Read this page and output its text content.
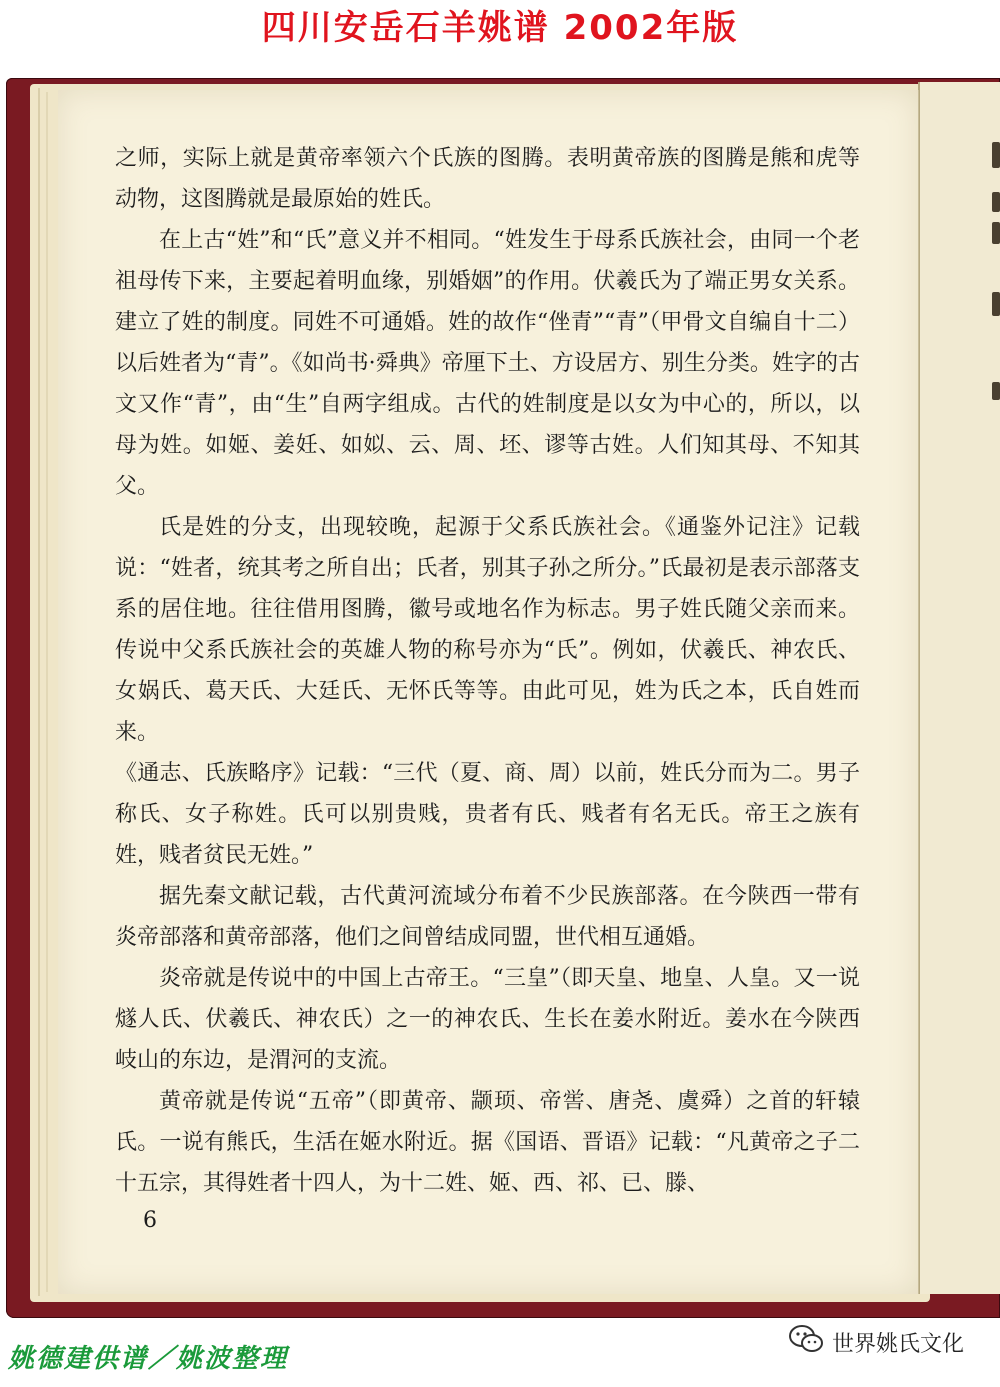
四川安岳石羊姚谱 2002年版

之师，实际上就是黄帝率领六个氏族的图腾。表明黄帝族的图腾是熊和虎等动物，这图腾就是最原始的姓氏。

在上古“姓”和“氏”意义并不相同。“姓发生于母系氏族社会，由同一个老祖母传下来，主要起着明血缘，别婚姻”的作用。伏羲氏为了端正男女关系。建立了姓的制度。同姓不可通婚。姓的故作“侳青”“青”（甲骨文自编自十二）以后姓者为“青”。《如尚书·舜典》帝厘下土、方设居方、别生分类。姓字的古文又作“青”，由“生”自两字组成。古代的姓制度是以女为中心的，所以，以母为姓。如姬、姜妊、如姒、云、周、坯、谬等古姓。人们知其母、不知其父。

氏是姓的分支，出现较晚，起源于父系氏族社会。《通鉴外记注》记载说：“姓者，统其考之所自出；氏者，别其子孙之所分。”氏最初是表示部落支系的居住地。往往借用图腾，徽号或地名作为标志。男子姓氏随父亲而来。传说中父系氏族社会的英雄人物的称号亦为“氏”。例如，伏羲氏、神农氏、女娲氏、葛天氏、大廷氏、无怀氏等等。由此可见，姓为氏之本，氏自姓而来。

《通志、氏族略序》记载：“三代（夏、商、周）以前，姓氏分而为二。男子称氏、女子称姓。氏可以别贵贱，贵者有氏、贱者有名无氏。帝王之族有姓，贱者贫民无姓。”

据先秦文献记载，古代黄河流域分布着不少民族部落。在今陕西一带有炎帝部落和黄帝部落，他们之间曾结成同盟，世代相互通婚。

炎帝就是传说中的中国上古帝王。“三皇”（即天皇、地皇、人皇。又一说燧人氏、伏羲氏、神农氏）之一的神农氏、生长在姜水附近。姜水在今陕西岐山的东边，是渭河的支流。

黄帝就是传说“五帝”（即黄帝、颛顼、帝喾、唐尧、虞舜）之首的轩辕氏。一说有熊氏，生活在姬水附近。据《国语、晋语》记载：“凡黄帝之子二十五宗，其得姓者十四人，为十二姓、姬、西、祁、已、滕、

6
姚德建供谱／姚波整理	世界姚氏文化
